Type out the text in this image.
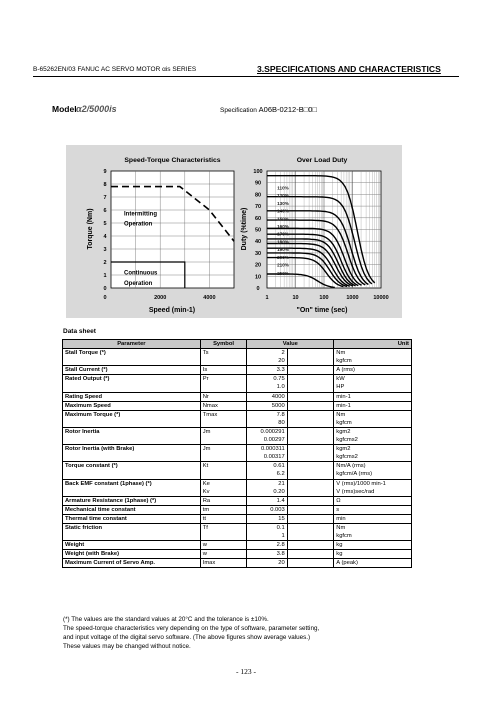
B-65262EN/03 FANUC AC SERVO MOTOR αis SERIES	3.SPECIFICATIONS AND CHARACTERISTICS
Model α2/5000is	Specification A06B-0212-B□0□
0
1
2
3
4
5
6
7
8
9
0	2000	4000
Speed-Torque Characteristics
Speed (min-1)
Torque (Nm)	Intermitting
Operation
Continuous
Operation
0
10
20
30
40
50
60
70
80
90
100
1	10	100	1000	10000
Over Load Duty
"On" time (sec)
Duty (%time)
110%
120%
130%
140%
150%
160%
170%
180%
190%
200%
210%
250%
Data sheet
Parameter	Symbol	Value		Unit
Stall Torque (*)	Ts	2		Nm
		20		kgfcm
Stall Current (*)	Is	3.3		A (rms)
Rated Output (*)	Pr	0.75		kW
		1.0		HP
Rating Speed	Nr	4000		min-1
Maximum Speed	Nmax	5000		min-1
Maximum Torque (*)	Tmax	7.8		Nm
		80		kgfcm
Rotor Inertia	Jm	0.000291		kgm2
		0.00297		kgfcms2
Rotor Inertia (with Brake)	Jm	0.000311		kgm2
		0.00317		kgfcms2
Torque constant (*)	Kt	0.61		Nm/A (rms)
		6.2		kgfcm/A (rms)
Back EMF constant (1phase) (*)	Ke	21		V (rms)/1000 min-1
	Kv	0.20		V (rms)sec/rad
Armature Resistance (1phase) (*)	Ra	1.4		Ω
Mechanical time constant	tm	0.003		s
Thermal time constant	tt	15		min
Static friction	Tf	0.1		Nm
		1		kgfcm
Weight	w	2.8		kg
Weight (with Brake)	w	3.8		kg
Maximum Current of Servo Amp.	Imax	20		A (peak)
(*) The values are the standard values at 20°C and the tolerance is ±10%.
The speed-torque characteristics very depending on the type of software, parameter setting,
and input voltage of the digital servo software. (The above figures show average values.)
These values may be changed without notice.
- 123 -
